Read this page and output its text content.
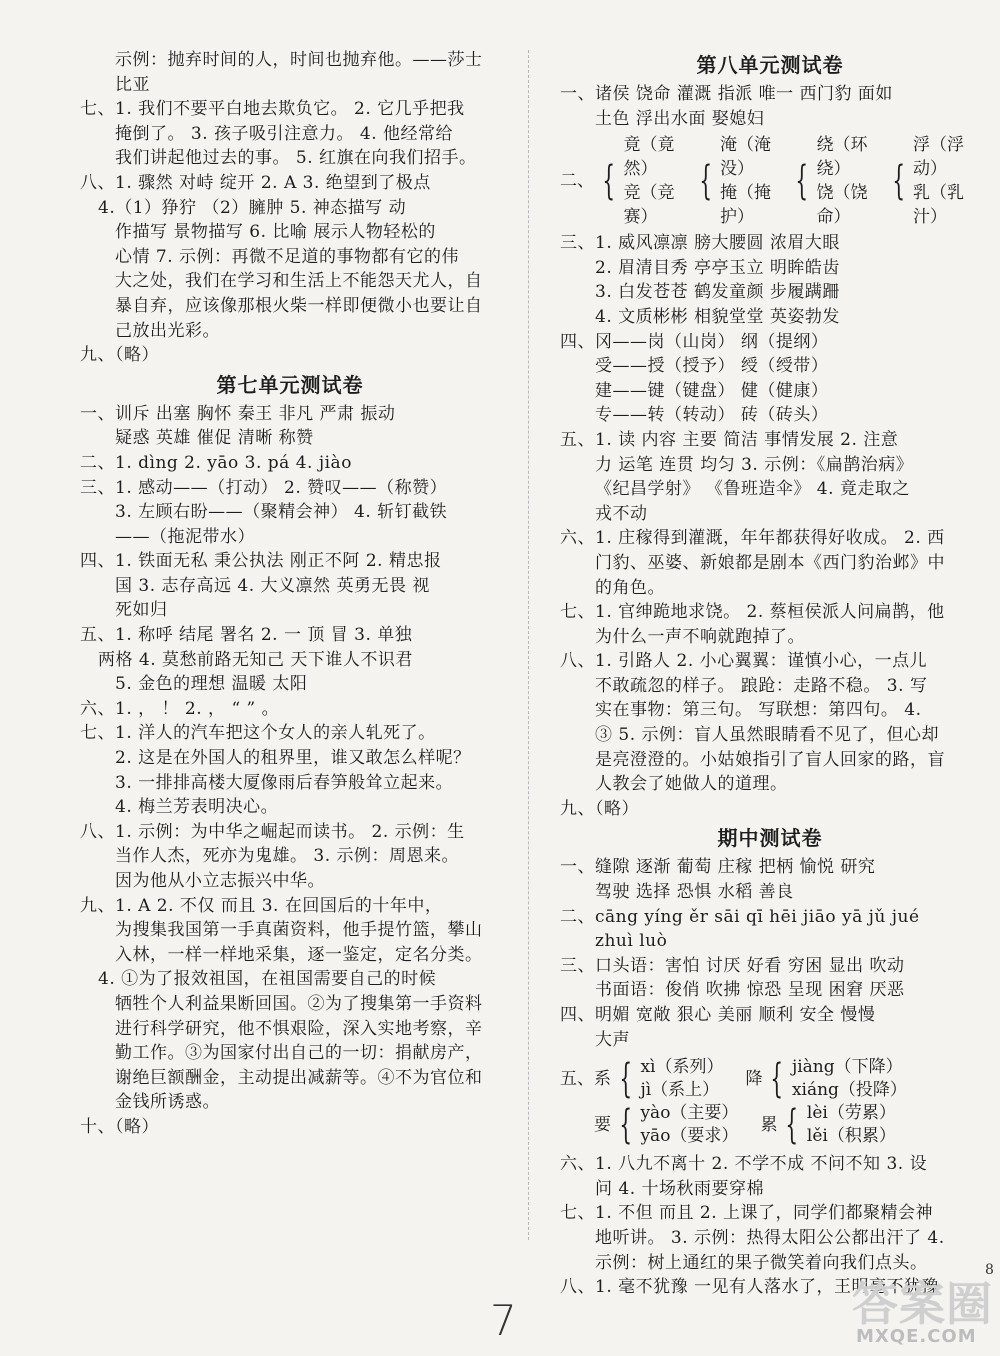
示例：抛弃时间的人，时间也抛弃他。——莎士
比亚
七、1. 我们不要平白地去欺负它。 2. 它几乎把我
掩倒了。 3. 孩子吸引注意力。 4. 他经常给
我们讲起他过去的事。 5. 红旗在向我们招手。
八、1. 骤然 对峙 绽开 2. A 3. 绝望到了极点
4.（1）狰狞 （2）臃肿 5. 神态描写 动
作描写 景物描写 6. 比喻 展示人物轻松的
心情 7. 示例：再微不足道的事物都有它的伟
大之处，我们在学习和生活上不能怨天尤人，自
暴自弃，应该像那根火柴一样即便微小也要让自
己放出光彩。
九、（略）
第七单元测试卷
一、训斥 出塞 胸怀 秦王 非凡 严肃 振动
疑惑 英雄 催促 清晰 称赞
二、1. dìng 2. yāo 3. pá 4. jiào
三、1. 感动——（打动） 2. 赞叹——（称赞）
3. 左顾右盼——（聚精会神） 4. 斩钉截铁
——（拖泥带水）
四、1. 铁面无私 秉公执法 刚正不阿 2. 精忠报
国 3. 志存高远 4. 大义凛然 英勇无畏 视
死如归
五、1. 称呼 结尾 署名 2. 一 顶 冒 3. 单独
两格 4. 莫愁前路无知己 天下谁人不识君
5. 金色的理想 温暖 太阳
六、1. ， ！ 2. ， “ ” 。
七、1. 洋人的汽车把这个女人的亲人轧死了。
2. 这是在外国人的租界里，谁又敢怎么样呢？
3. 一排排高楼大厦像雨后春笋般耸立起来。
4. 梅兰芳表明决心。
八、1. 示例：为中华之崛起而读书。 2. 示例：生
当作人杰，死亦为鬼雄。 3. 示例：周恩来。
因为他从小立志振兴中华。
九、1. A 2. 不仅 而且 3. 在回国后的十年中，
为搜集我国第一手真菌资料，他手提竹篮，攀山
入林，一样一样地采集，逐一鉴定，定名分类。
4. ①为了报效祖国，在祖国需要自己的时候
牺牲个人利益果断回国。②为了搜集第一手资料
进行科学研究，他不惧艰险，深入实地考察，辛
勤工作。③为国家付出自己的一切：捐献房产，
谢绝巨额酬金，主动提出减薪等。④不为官位和
金钱所诱惑。
十、（略）
第八单元测试卷
一、诸侯 饶命 灌溉 指派 唯一 西门豹 面如
土色 浮出水面 娶媳妇
二、 {
竟（竟然）
竞（竞赛）
{
淹（淹没）
掩（掩护）
{
绕（环绕）
饶（饶命）
{
浮（浮动）
乳（乳汁）
三、1. 威风凛凛 膀大腰圆 浓眉大眼
2. 眉清目秀 亭亭玉立 明眸皓齿
3. 白发苍苍 鹤发童颜 步履蹒跚
4. 文质彬彬 相貌堂堂 英姿勃发
四、冈——岗（山岗） 纲（提纲）
受——授（授予） 绶（绶带）
建——键（键盘） 健（健康）
专——转（转动） 砖（砖头）
五、1. 读 内容 主要 简洁 事情发展 2. 注意
力 运笔 连贯 均匀 3. 示例：《扁鹊治病》
《纪昌学射》 《鲁班造伞》 4. 竟走取之
戎不动
六、1. 庄稼得到灌溉，年年都获得好收成。 2. 西
门豹、巫婆、新娘都是剧本《西门豹治邺》中
的角色。
七、1. 官绅跪地求饶。 2. 蔡桓侯派人问扁鹊，他
为什么一声不响就跑掉了。
八、1. 引路人 2. 小心翼翼：谨慎小心，一点儿
不敢疏忽的样子。 踉跄：走路不稳。 3. 写
实在事物：第三句。 写联想：第四句。 4.
③ 5. 示例：盲人虽然眼睛看不见了，但心却
是亮澄澄的。小姑娘指引了盲人回家的路，盲
人教会了她做人的道理。
九、（略）
期中测试卷
一、缝隙 逐渐 葡萄 庄稼 把柄 愉悦 研究
驾驶 选择 恐惧 水稻 善良
二、cāng yíng ěr sāi qī hēi jiāo yā jǔ jué
zhuì luò
三、口头语：害怕 讨厌 好看 穷困 显出 吹动
书面语：俊俏 吹拂 惊恐 呈现 困窘 厌恶
四、明媚 宽敞 狠心 美丽 顺利 安全 慢慢
大声
五、 系 { xì（系列）
jì（系上）
降 { jiàng（下降）
xiáng（投降）
要 { yào（主要）
yāo（要求）
累 { lèi（劳累）
lěi（积累）
六、1. 八九不离十 2. 不学不成 不问不知 3. 设
问 4. 十场秋雨要穿棉
七、1. 不但 而且 2. 上课了，同学们都聚精会神
地听讲。 3. 示例：热得太阳公公都出汗了 4.
示例：树上通红的果子微笑着向我们点头。
八、1. 毫不犹豫 一见有人落水了，王明毫不犹豫
7
8
答案圈
MXQE.COM
